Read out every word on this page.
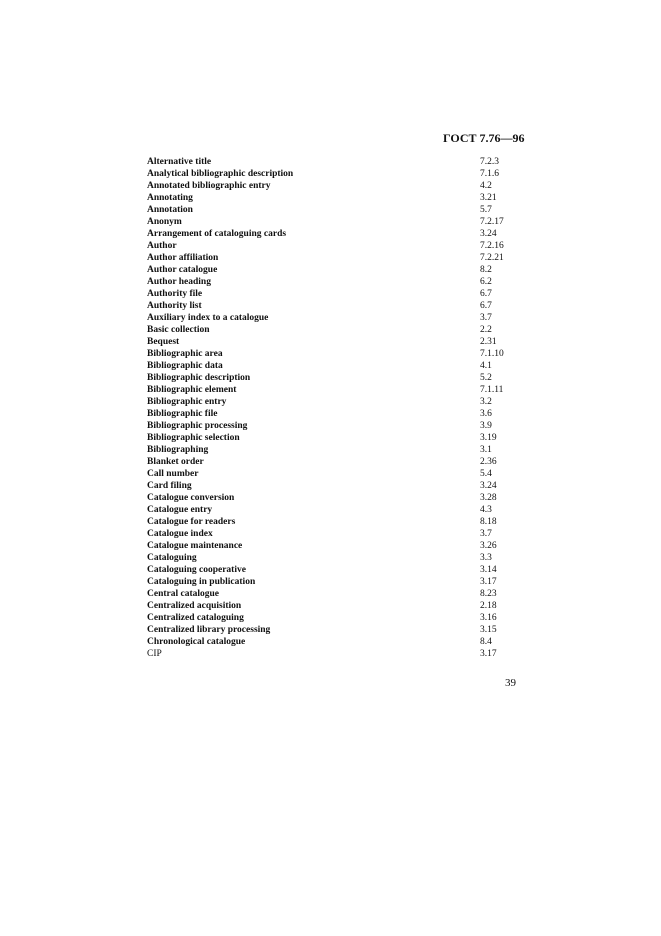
ГОСТ 7.76—96
Alternative title	7.2.3
Analytical bibliographic description	7.1.6
Annotated bibliographic entry	4.2
Annotating	3.21
Annotation	5.7
Anonym	7.2.17
Arrangement of cataloguing cards	3.24
Author	7.2.16
Author affiliation	7.2.21
Author catalogue	8.2
Author heading	6.2
Authority file	6.7
Authority list	6.7
Auxiliary index to a catalogue	3.7
Basic collection	2.2
Bequest	2.31
Bibliographic area	7.1.10
Bibliographic data	4.1
Bibliographic description	5.2
Bibliographic element	7.1.11
Bibliographic entry	3.2
Bibliographic file	3.6
Bibliographic processing	3.9
Bibliographic selection	3.19
Bibliographing	3.1
Blanket order	2.36
Call number	5.4
Card filing	3.24
Catalogue conversion	3.28
Catalogue entry	4.3
Catalogue for readers	8.18
Catalogue index	3.7
Catalogue maintenance	3.26
Cataloguing	3.3
Cataloguing cooperative	3.14
Cataloguing in publication	3.17
Central catalogue	8.23
Centralized acquisition	2.18
Centralized cataloguing	3.16
Centralized library processing	3.15
Chronological catalogue	8.4
CIP	3.17
39
